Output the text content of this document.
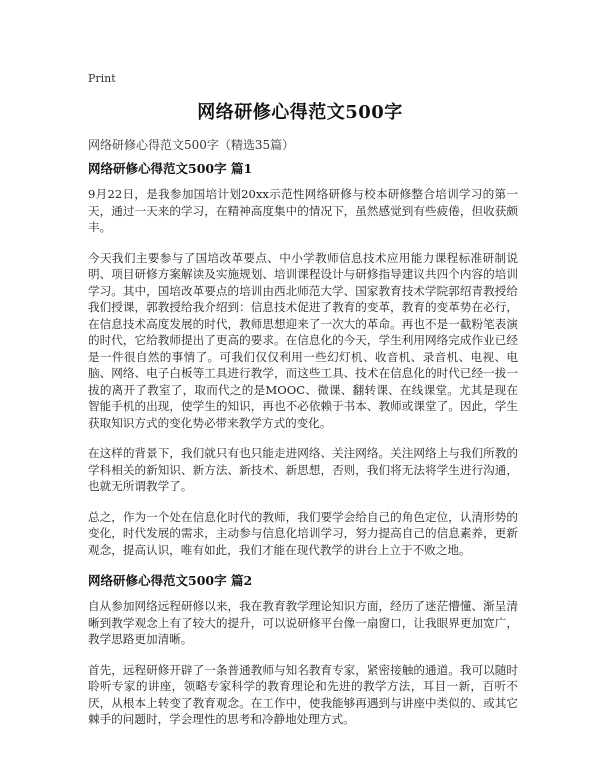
Print
网络研修心得范文500字
网络研修心得范文500字（精选35篇）
网络研修心得范文500字 篇1

9月22日，是我参加国培计划20xx示范性网络研修与校本研修整合培训学习的第一天，通过一天来的学习，在精神高度集中的情况下，虽然感觉到有些疲倦，但收获颇丰。

今天我们主要参与了国培改革要点、中小学教师信息技术应用能力课程标准研制说明、项目研修方案解读及实施规划、培训课程设计与研修指导建议共四个内容的培训学习。其中，国培改革要点的培训由西北师范大学、国家教育技术学院郭绍青教授给我们授课，郭教授给我介绍到：信息技术促进了教育的变革，教育的变革势在必行，在信息技术高度发展的时代，教师思想迎来了一次大的革命。再也不是一截粉笔表演的时代，它给教师提出了更高的要求。在信息化的今天，学生利用网络完成作业已经是一件很自然的事情了。可我们仅仅利用一些幻灯机、收音机、录音机、电视、电脑、网络、电子白板等工具进行教学，而这些工具、技术在信息化的时代已经一拔一拔的离开了教室了，取而代之的是MOOC、微课、翻转课、在线课堂。尤其是现在智能手机的出现，使学生的知识，再也不必依赖于书本、教师或课堂了。因此，学生获取知识方式的变化势必带来教学方式的变化。

在这样的背景下，我们就只有也只能走进网络、关注网络。关注网络上与我们所教的学科相关的新知识、新方法、新技术、新思想，否则，我们将无法将学生进行沟通，也就无所谓教学了。

总之，作为一个处在信息化时代的教师，我们要学会给自己的角色定位，认清形势的变化，时代发展的需求，主动参与信息化培训学习，努力提高自己的信息素养，更新观念，提高认识，唯有如此，我们才能在现代教学的讲台上立于不败之地。

网络研修心得范文500字 篇2

自从参加网络远程研修以来，我在教育教学理论知识方面，经历了迷茫懵懂、渐呈清晰到教学观念上有了较大的提升，可以说研修平台像一扇窗口，让我眼界更加宽广，教学思路更加清晰。

首先，远程研修开辟了一条普通教师与知名教育专家，紧密接触的通道。我可以随时聆听专家的讲座，领略专家科学的教育理论和先进的教学方法，耳目一新，百听不厌，从根本上转变了教育观念。在工作中，使我能够再遇到与讲座中类似的、或其它棘手的问题时，学会理性的思考和冷静地处理方式。
